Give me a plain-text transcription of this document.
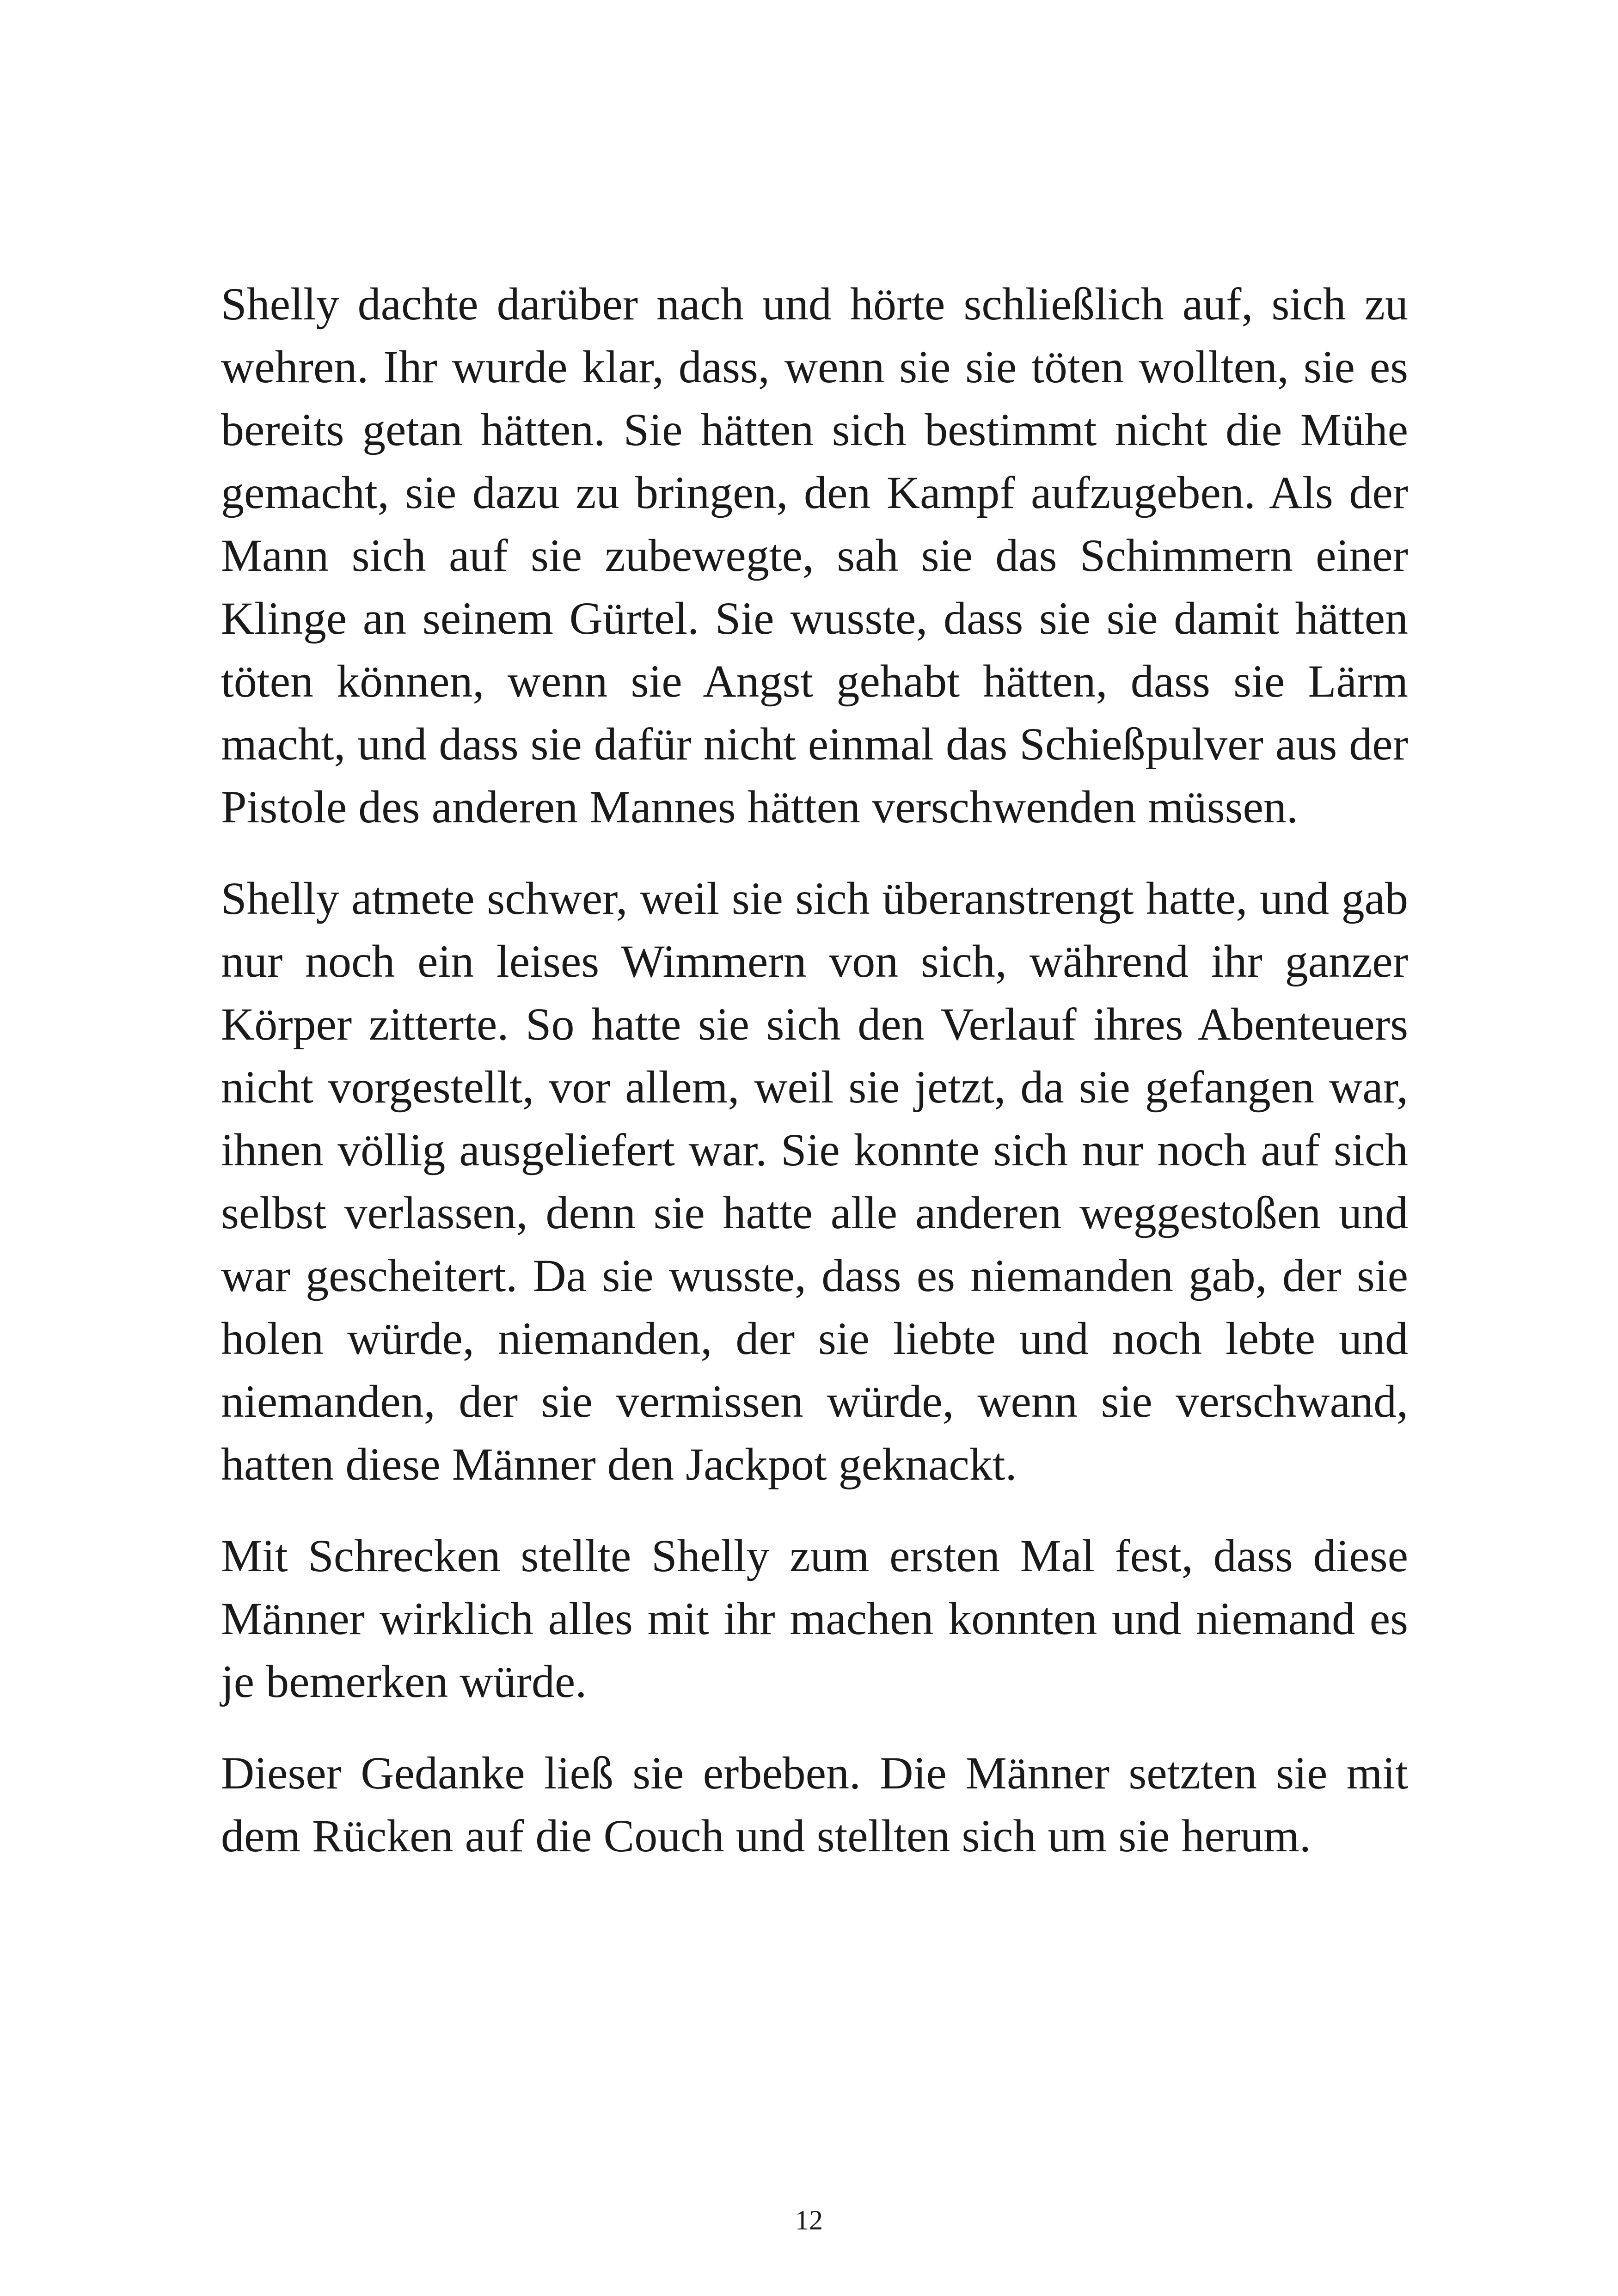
Shelly dachte darüber nach und hörte schließlich auf, sich zu wehren. Ihr wurde klar, dass, wenn sie sie töten wollten, sie es bereits getan hätten. Sie hätten sich bestimmt nicht die Mühe gemacht, sie dazu zu bringen, den Kampf aufzugeben. Als der Mann sich auf sie zubewegte, sah sie das Schimmern einer Klinge an seinem Gürtel. Sie wusste, dass sie sie damit hätten töten können, wenn sie Angst gehabt hätten, dass sie Lärm macht, und dass sie dafür nicht einmal das Schießpulver aus der Pistole des anderen Mannes hätten verschwenden müssen.

Shelly atmete schwer, weil sie sich überanstrengt hatte, und gab nur noch ein leises Wimmern von sich, während ihr ganzer Körper zitterte. So hatte sie sich den Verlauf ihres Abenteuers nicht vorgestellt, vor allem, weil sie jetzt, da sie gefangen war, ihnen völlig ausgeliefert war. Sie konnte sich nur noch auf sich selbst verlassen, denn sie hatte alle anderen weggestoßen und war gescheitert. Da sie wusste, dass es niemanden gab, der sie holen würde, niemanden, der sie liebte und noch lebte und niemanden, der sie vermissen würde, wenn sie verschwand, hatten diese Männer den Jackpot geknackt.

Mit Schrecken stellte Shelly zum ersten Mal fest, dass diese Männer wirklich alles mit ihr machen konnten und niemand es je bemerken würde.

Dieser Gedanke ließ sie erbeben. Die Männer setzten sie mit dem Rücken auf die Couch und stellten sich um sie herum.

12
